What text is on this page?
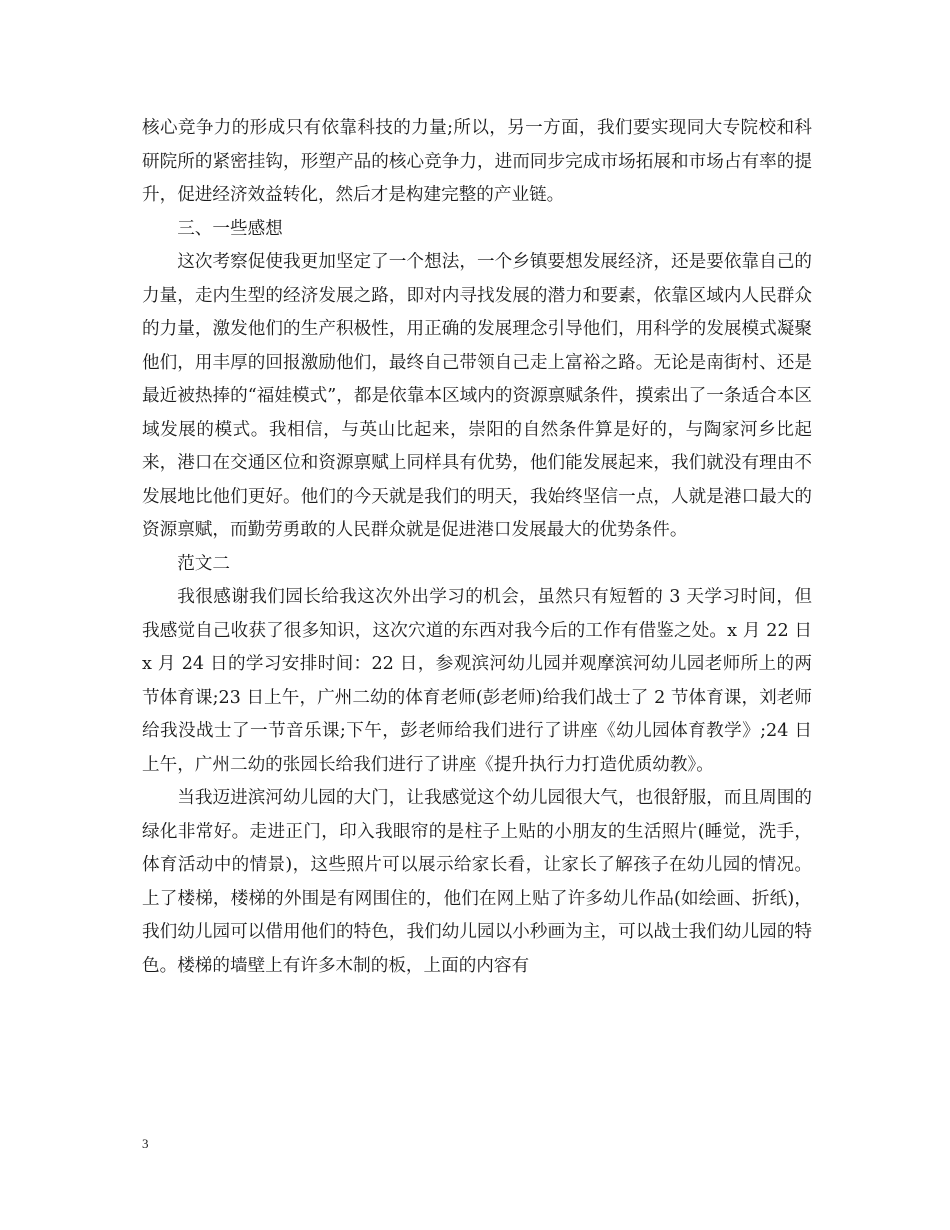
核心竞争力的形成只有依靠科技的力量;所以，另一方面，我们要实现同大专院校和科研院所的紧密挂钩，形塑产品的核心竞争力，进而同步完成市场拓展和市场占有率的提升，促进经济效益转化，然后才是构建完整的产业链。

三、一些感想

这次考察促使我更加坚定了一个想法，一个乡镇要想发展经济，还是要依靠自己的力量，走内生型的经济发展之路，即对内寻找发展的潜力和要素，依靠区域内人民群众的力量，激发他们的生产积极性，用正确的发展理念引导他们，用科学的发展模式凝聚他们，用丰厚的回报激励他们，最终自己带领自己走上富裕之路。无论是南街村、还是最近被热捧的“福娃模式”，都是依靠本区域内的资源禀赋条件，摸索出了一条适合本区域发展的模式。我相信，与英山比起来，崇阳的自然条件算是好的，与陶家河乡比起来，港口在交通区位和资源禀赋上同样具有优势，他们能发展起来，我们就没有理由不发展地比他们更好。他们的今天就是我们的明天，我始终坚信一点，人就是港口最大的资源禀赋，而勤劳勇敢的人民群众就是促进港口发展最大的优势条件。

范文二

我很感谢我们园长给我这次外出学习的机会，虽然只有短暂的 3 天学习时间，但我感觉自己收获了很多知识，这次穴道的东西对我今后的工作有借鉴之处。x 月 22 日 x 月 24 日的学习安排时间：22 日，参观滨河幼儿园并观摩滨河幼儿园老师所上的两节体育课;23 日上午，广州二幼的体育老师(彭老师)给我们战士了 2 节体育课，刘老师给我没战士了一节音乐课;下午，彭老师给我们进行了讲座《幼儿园体育教学》;24 日上午，广州二幼的张园长给我们进行了讲座《提升执行力打造优质幼教》。

当我迈进滨河幼儿园的大门，让我感觉这个幼儿园很大气，也很舒服，而且周围的绿化非常好。走进正门，印入我眼帘的是柱子上贴的小朋友的生活照片(睡觉，洗手，体育活动中的情景)，这些照片可以展示给家长看，让家长了解孩子在幼儿园的情况。上了楼梯，楼梯的外围是有网围住的，他们在网上贴了许多幼儿作品(如绘画、折纸)，我们幼儿园可以借用他们的特色，我们幼儿园以小秒画为主，可以战士我们幼儿园的特色。楼梯的墙壁上有许多木制的板，上面的内容有

3
